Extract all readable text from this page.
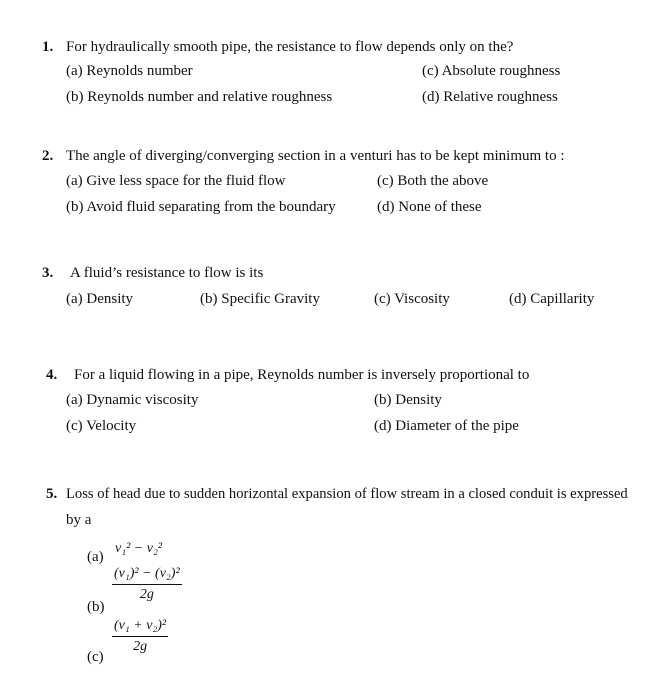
1. For hydraulically smooth pipe, the resistance to flow depends only on the?
(a) Reynolds number	(c) Absolute roughness
(b) Reynolds number and relative roughness	(d) Relative roughness
2. The angle of diverging/converging section in a venturi has to be kept minimum to :
(a) Give less space for the fluid flow	(c) Both the above
(b) Avoid fluid separating from the boundary	(d) None of these
3. A fluid’s resistance to flow is its
(a) Density	(b) Specific Gravity	(c) Viscosity	(d) Capillarity
4. For a liquid flowing in a pipe, Reynolds number is inversely proportional to
(a) Dynamic viscosity	(b) Density
(c) Velocity	(d) Diameter of the pipe
5. Loss of head due to sudden horizontal expansion of flow stream in a closed conduit is expressed
by a
(a)
v₁² − v₂²
(b)
$\frac{\text{(v₁)² − (v₂)²}}{2g}$
(c)
$\frac{\text{(v₁ + v₂)²}}{2g}$
